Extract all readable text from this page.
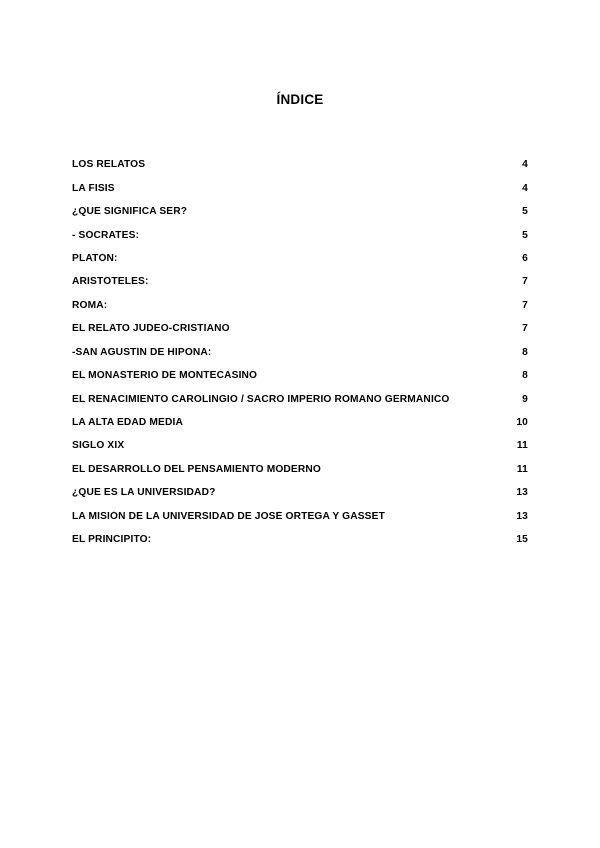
ÍNDICE
LOS RELATOS	4
LA FISIS	4
¿QUE SIGNIFICA SER?	5
- SÓCRATES:	5
PLATÓN:	6
ARISTÓTELES:	7
ROMA:	7
EL RELATO JUDEO-CRISTIANO	7
-SAN AGUSTÍN DE HIPONA:	8
EL MONASTERIO DE MONTECASINO	8
EL RENACIMIENTO CAROLINGIO / SACRO IMPERIO ROMANO GERMÁNICO	9
LA ALTA EDAD MEDIA	10
SIGLO XIX	11
EL DESARROLLO DEL PENSAMIENTO MODERNO	11
¿QUE ES LA UNIVERSIDAD?	13
LA MISIÓN DE LA UNIVERSIDAD DE JOSÉ ORTEGA Y GASSET	13
EL PRINCIPITO:	15
